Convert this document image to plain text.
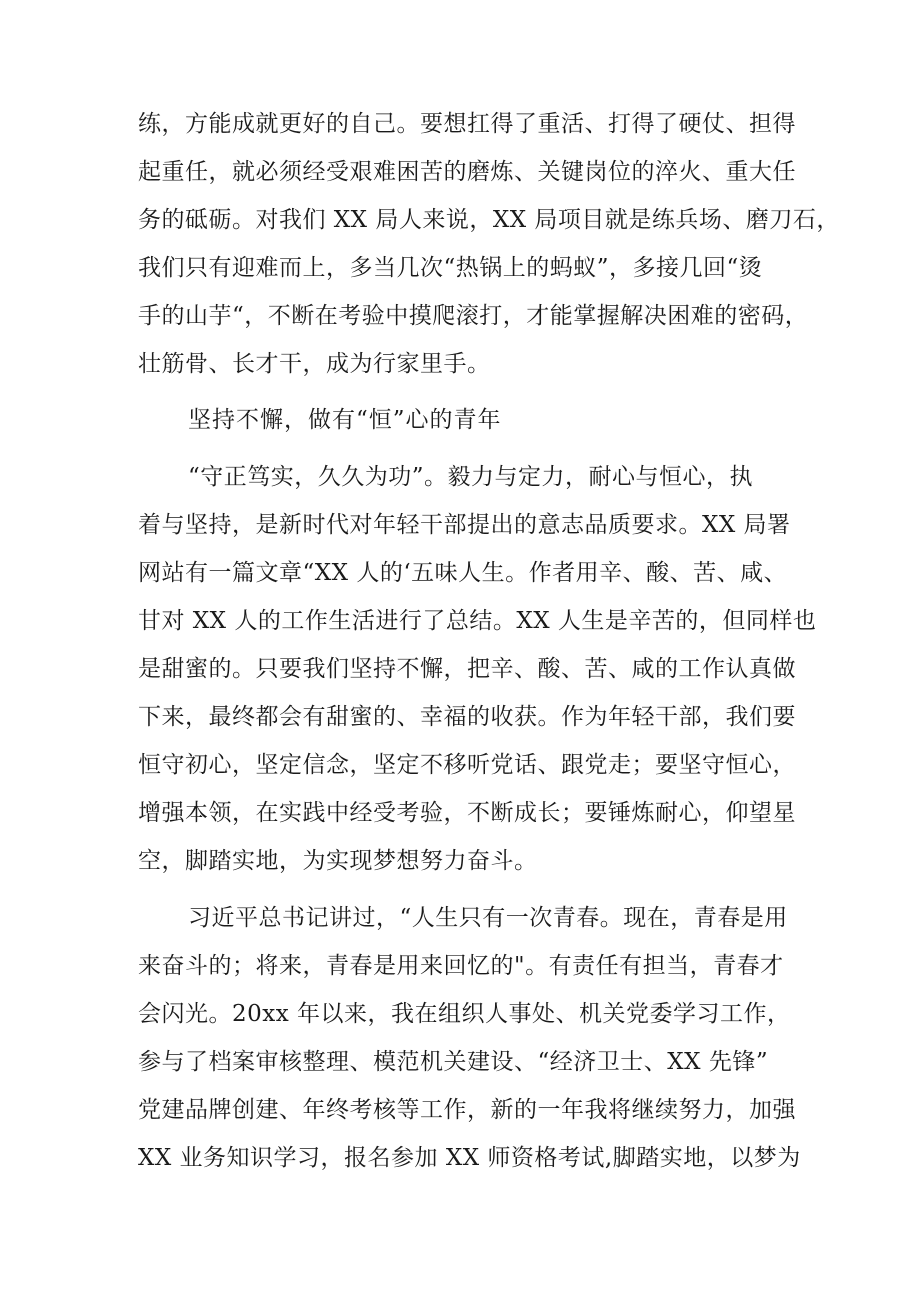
练，方能成就更好的自己。要想扛得了重活、打得了硬仗、担得
起重任，就必须经受艰难困苦的磨炼、关键岗位的淬火、重大任
务的砥砺。对我们 XX 局人来说，XX 局项目就是练兵场、磨刀石，
我们只有迎难而上，多当几次“热锅上的蚂蚁”，多接几回“烫
手的山芋“，不断在考验中摸爬滚打，才能掌握解决困难的密码，
壮筋骨、长才干，成为行家里手。
坚持不懈，做有“恒”心的青年
“守正笃实，久久为功”。毅力与定力，耐心与恒心，执
着与坚持，是新时代对年轻干部提出的意志品质要求。XX 局署
网站有一篇文章“XX 人的‘五味人生。作者用辛、酸、苦、咸、
甘对 XX 人的工作生活进行了总结。XX 人生是辛苦的，但同样也
是甜蜜的。只要我们坚持不懈，把辛、酸、苦、咸的工作认真做
下来，最终都会有甜蜜的、幸福的收获。作为年轻干部，我们要
恒守初心，坚定信念，坚定不移听党话、跟党走；要坚守恒心，
增强本领，在实践中经受考验，不断成长；要锤炼耐心，仰望星
空，脚踏实地，为实现梦想努力奋斗。
习近平总书记讲过，“人生只有一次青春。现在，青春是用
来奋斗的；将来，青春是用来回忆的"。有责任有担当，青春才
会闪光。20xx 年以来，我在组织人事处、机关党委学习工作，
参与了档案审核整理、模范机关建设、“经济卫士、XX 先锋”
党建品牌创建、年终考核等工作，新的一年我将继续努力，加强
XX 业务知识学习，报名参加 XX 师资格考试,脚踏实地，以梦为
